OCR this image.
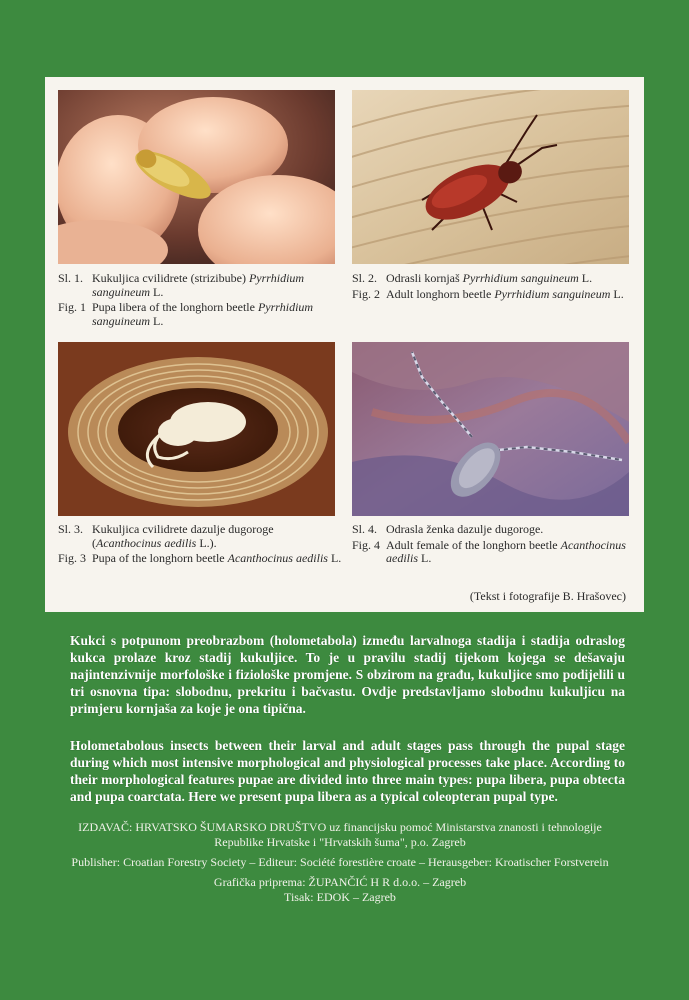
Sl. 1. Kukuljica cvilidrete (strizibube) Pyrrhidium sanguineum L.
Fig. 1 Pupa libera of the longhorn beetle Pyrrhidium sanguineum L.
Sl. 2. Odrasli kornjaš Pyrrhidium sanguineum L.
Fig. 2 Adult longhorn beetle Pyrrhidium sanguineum L.
Sl. 3. Kukuljica cvilidrete dazulje dugoroge (Acanthocinus aedilis L.).
Fig. 3 Pupa of the longhorn beetle Acanthocinus aedilis L.
Sl. 4. Odrasla ženka dazulje dugoroge.
Fig. 4 Adult female of the longhorn beetle Acanthocinus aedilis L.
(Tekst i fotografije B. Hrašovec)
Kukci s potpunom preobrazbom (holometabola) između larvalnoga stadija i stadija odraslog kukca prolaze kroz stadij kukuljice. To je u pravilu stadij tijekom kojega se dešavaju najintenzivnije morfološke i fiziološke promjene. S obzirom na građu, kukuljice smo podijelili u tri osnovna tipa: slobodnu, prekritu i bačvastu. Ovdje predstavljamo slobodnu kukuljicu na primjeru kornjaša za koje je ona tipična.
Holometabolous insects between their larval and adult stages pass through the pupal stage during which most intensive morphological and physiological processes take place. According to their morphological features pupae are divided into three main types: pupa libera, pupa obtecta and pupa coarctata. Here we present pupa libera as a typical coleopteran pupal type.

IZDAVAČ: HRVATSKO ŠUMARSKO DRUŠTVO uz financijsku pomoć Ministarstva znanosti i tehnologije Republike Hrvatske i "Hrvatskih šuma", p.o. Zagreb

Publisher: Croatian Forestry Society – Editeur: Société forestière croate – Herausgeber: Kroatischer Forstverein

Grafička priprema: ŽUPANČIĆ H R d.o.o. – Zagreb

Tisak: EDOK – Zagreb
